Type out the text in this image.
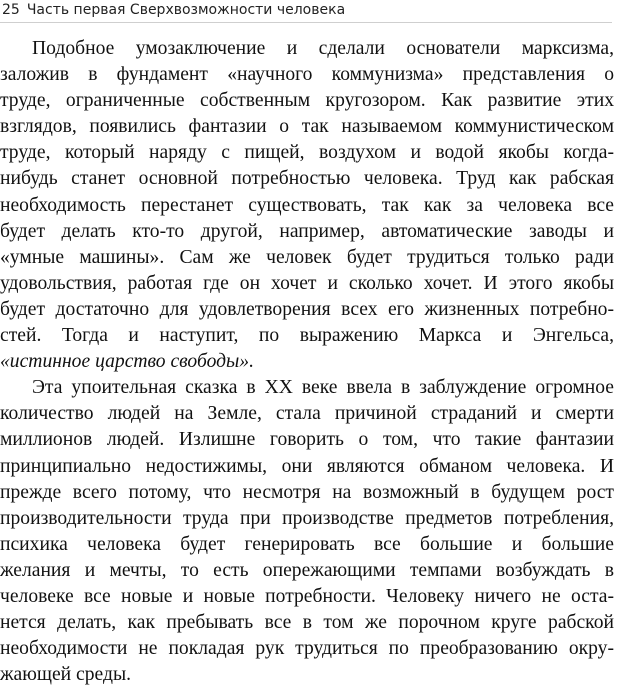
25 Часть первая Сверхвозможности человека
Подобное умозаключение и сделали основатели марксизма,
заложив в фундамент «научного коммунизма» представления о
труде, ограниченные собственным кругозором. Как развитие этих
взглядов, появились фантазии о так называемом коммунистическом
труде, который наряду с пищей, воздухом и водой якобы когда-
нибудь станет основной потребностью человека. Труд как рабская
необходимость перестанет существовать, так как за человека все
будет делать кто-то другой, например, автоматические заводы и
«умные машины». Сам же человек будет трудиться только ради
удовольствия, работая где он хочет и сколько хочет. И этого якобы
будет достаточно для удовлетворения всех его жизненных потребно-
стей. Тогда и наступит, по выражению Маркса и Энгельса,
«истинное царство свободы».
Эта упоительная сказка в XX веке ввела в заблуждение огромное
количество людей на Земле, стала причиной страданий и смерти
миллионов людей. Излишне говорить о том, что такие фантазии
принципиально недостижимы, они являются обманом человека. И
прежде всего потому, что несмотря на возможный в будущем рост
производительности труда при производстве предметов потребления,
психика человека будет генерировать все большие и большие
желания и мечты, то есть опережающими темпами возбуждать в
человеке все новые и новые потребности. Человеку ничего не оста-
нется делать, как пребывать все в том же порочном круге рабской
необходимости не покладая рук трудиться по преобразованию окру-
жающей среды.
